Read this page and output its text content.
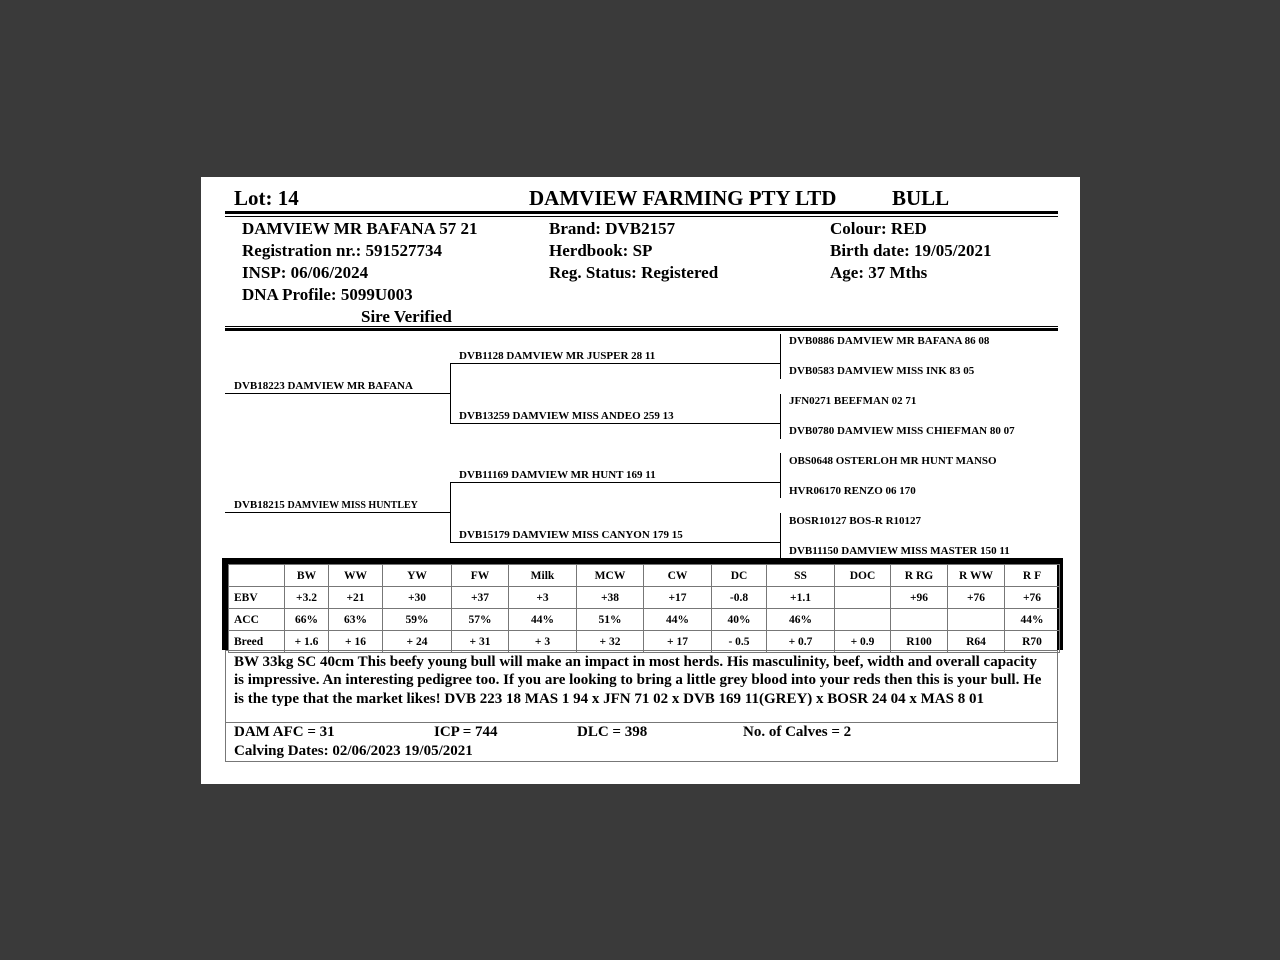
Lot: 14	DAMVIEW FARMING PTY LTD	BULL
DAMVIEW MR BAFANA 57 21
Registration nr.: 591527734
INSP: 06/06/2024
DNA Profile: 5099U003
Sire Verified
Brand: DVB2157
Herdbook: SP
Reg. Status: Registered
Colour: RED
Birth date: 19/05/2021
Age: 37 Mths
DVB18223 DAMVIEW MR BAFANA
DVB18215 DAMVIEW MISS HUNTLEY
DVB1128 DAMVIEW MR JUSPER 28 11
DVB13259 DAMVIEW MISS ANDEO 259 13
DVB11169 DAMVIEW MR HUNT 169 11
DVB15179 DAMVIEW MISS CANYON 179 15
DVB0886 DAMVIEW MR BAFANA 86 08
DVB0583 DAMVIEW MISS INK 83 05
JFN0271 BEEFMAN 02 71
DVB0780 DAMVIEW MISS CHIEFMAN 80 07
OBS0648 OSTERLOH MR HUNT MANSO
HVR06170 RENZO 06 170
BOSR10127 BOS-R R10127
DVB11150 DAMVIEW MISS MASTER 150 11
	BW	WW	YW	FW	Milk	MCW	CW	DC	SS	DOC	R RG	R WW	R F
EBV	+3.2	+21	+30	+37	+3	+38	+17	-0.8	+1.1		+96	+76	+76
ACC	66%	63%	59%	57%	44%	51%	44%	40%	46%				44%
Breed	+ 1.6	+ 16	+ 24	+ 31	+ 3	+ 32	+ 17	- 0.5	+ 0.7	+ 0.9	R100	R64	R70
BW 33kg SC 40cm This beefy young bull will make an impact in most herds. His masculinity, beef, width and overall capacity is impressive. An interesting pedigree too. If you are looking to bring a little grey blood into your reds then this is your bull. He is the type that the market likes! DVB 223 18 MAS 1 94 x JFN 71 02 x DVB 169 11(GREY) x BOSR 24 04 x MAS 8 01
DAM AFC = 31	ICP = 744	DLC = 398	No. of Calves = 2
Calving Dates: 02/06/2023 19/05/2021
